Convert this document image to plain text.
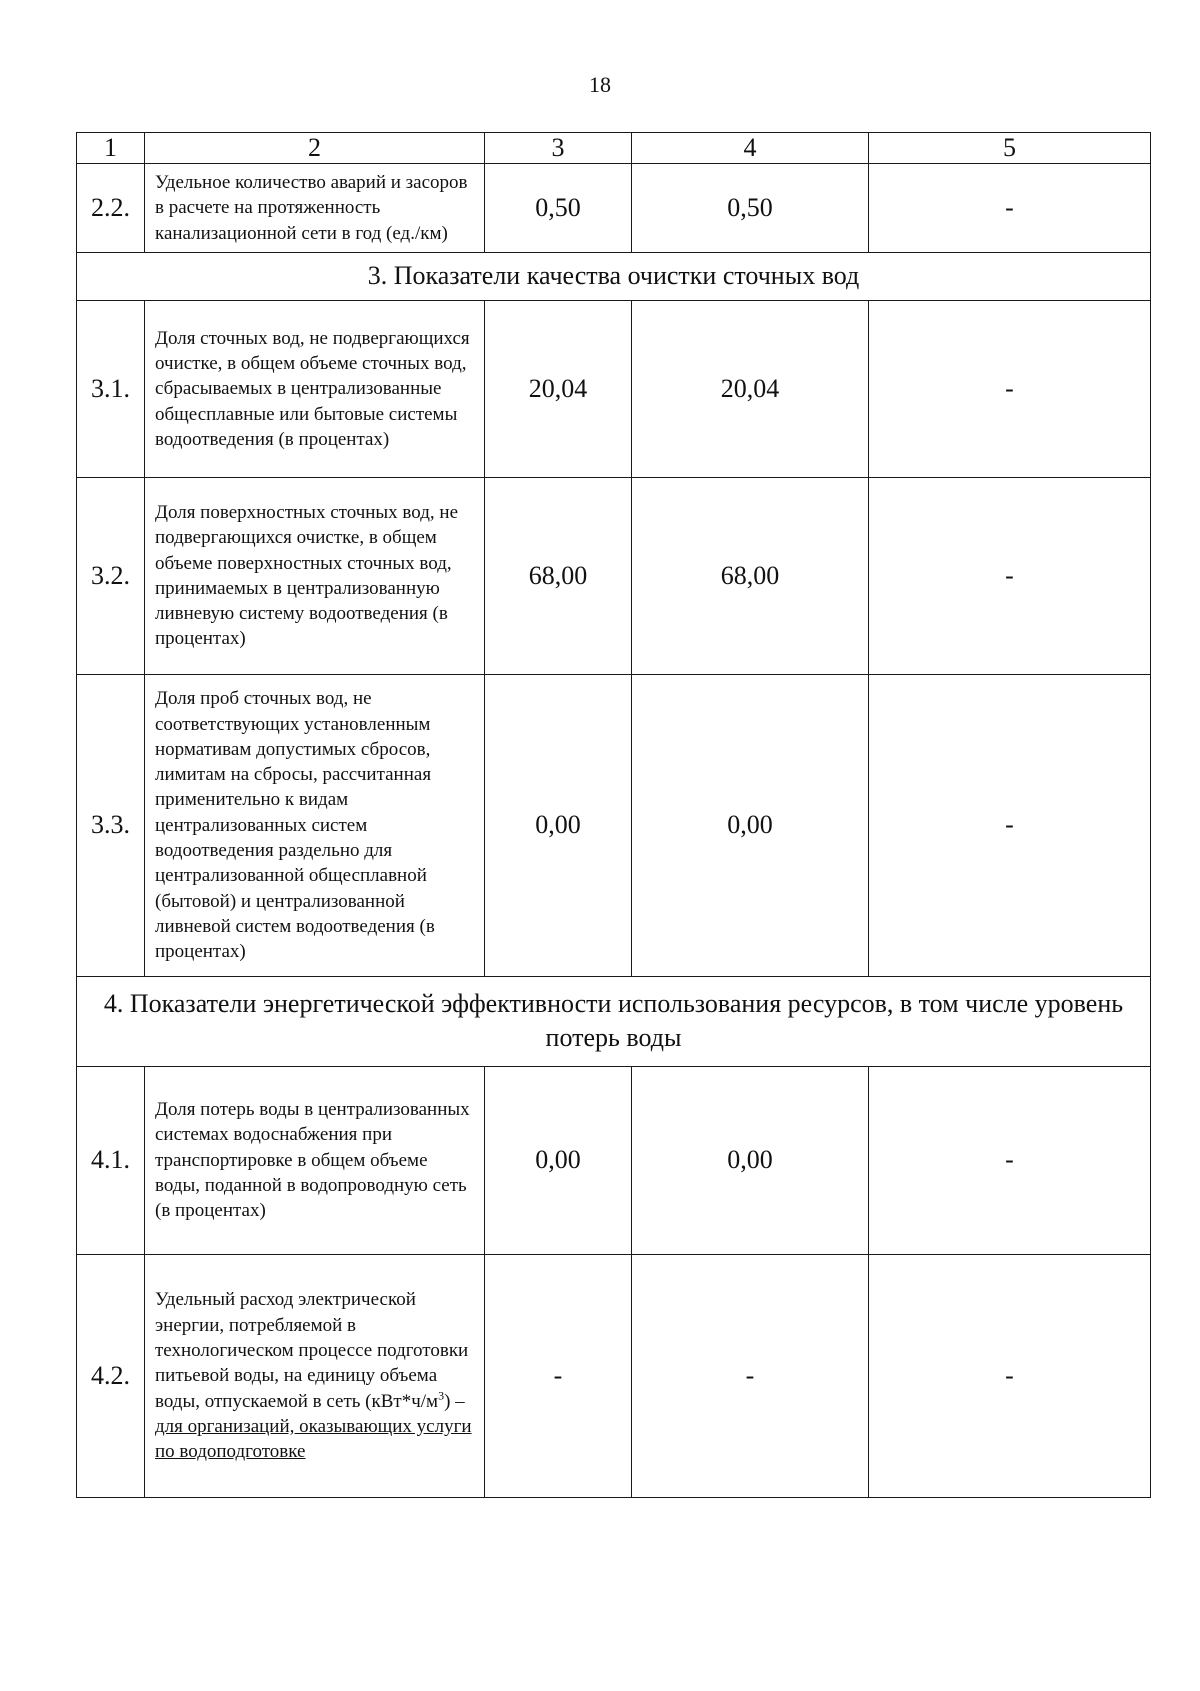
18
1	2	3	4	5
2.2.	Удельное количество аварий и засоров в расчете на протяженность канализационной сети в год (ед./км)	0,50	0,50	-
3. Показатели качества очистки сточных вод				
3.1.	Доля сточных вод, не подвергающихся очистке, в общем объеме сточных вод, сбрасываемых в централизованные общесплавные или бытовые системы водоотведения (в процентах)	20,04	20,04	-
3.2.	Доля поверхностных сточных вод, не подвергающихся очистке, в общем объеме поверхностных сточных вод, принимаемых в централизованную ливневую систему водоотведения (в процентах)	68,00	68,00	-
3.3.	Доля проб сточных вод, не соответствующих установленным нормативам допустимых сбросов, лимитам на сбросы, рассчитанная применительно к видам централизованных систем водоотведения раздельно для централизованной общесплавной (бытовой) и централизованной ливневой систем водоотведения (в процентах)	0,00	0,00	-
4. Показатели энергетической эффективности использования ресурсов, в том числе уровень потерь воды				
4.1.	Доля потерь воды в централизованных системах водоснабжения при транспортировке в общем объеме воды, поданной в водопроводную сеть (в процентах)	0,00	0,00	-
4.2.	Удельный расход электрической энергии, потребляемой в технологическом процессе подготовки питьевой воды, на единицу объема воды, отпускаемой в сеть $(кВт*ч/м^3)$ – для организаций, оказывающих услуги по водоподготовке	-	-	-
